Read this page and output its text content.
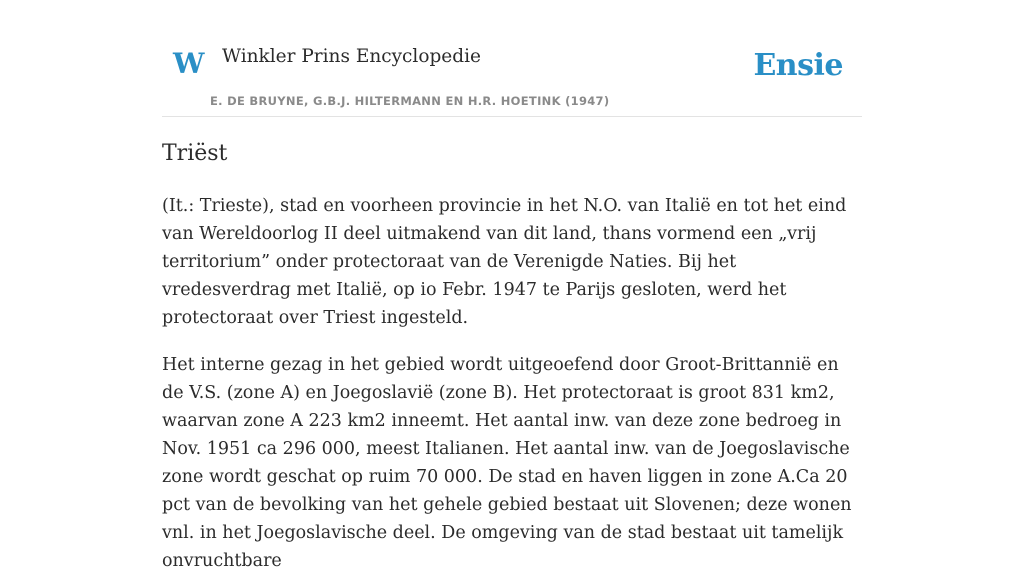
W Winkler Prins Encyclopedie
E. DE BRUYNE, G.B.J. HILTERMANN EN H.R. HOETINK (1947)
Ensie
Triëst

(It.: Trieste), stad en voorheen provincie in het N.O. van Italië en tot het eind van Wereldoorlog II deel uitmakend van dit land, thans vormend een „vrij territorium” onder protectoraat van de Verenigde Naties. Bij het vredesverdrag met Italië, op io Febr. 1947 te Parijs gesloten, werd het protectoraat over Triest ingesteld.

Het interne gezag in het gebied wordt uitgeoefend door Groot-Brittannië en de V.S. (zone A) en Joegoslavië (zone B). Het protectoraat is groot 831 km2, waarvan zone A 223 km2 inneemt. Het aantal inw. van deze zone bedroeg in Nov. 1951 ca 296 000, meest Italianen. Het aantal inw. van de Joegoslavische zone wordt geschat op ruim 70 000. De stad en haven liggen in zone A.Ca 20 pct van de bevolking van het gehele gebied bestaat uit Slovenen; deze wonen vnl. in het Joegoslavische deel. De omgeving van de stad bestaat uit tamelijk onvruchtbare
